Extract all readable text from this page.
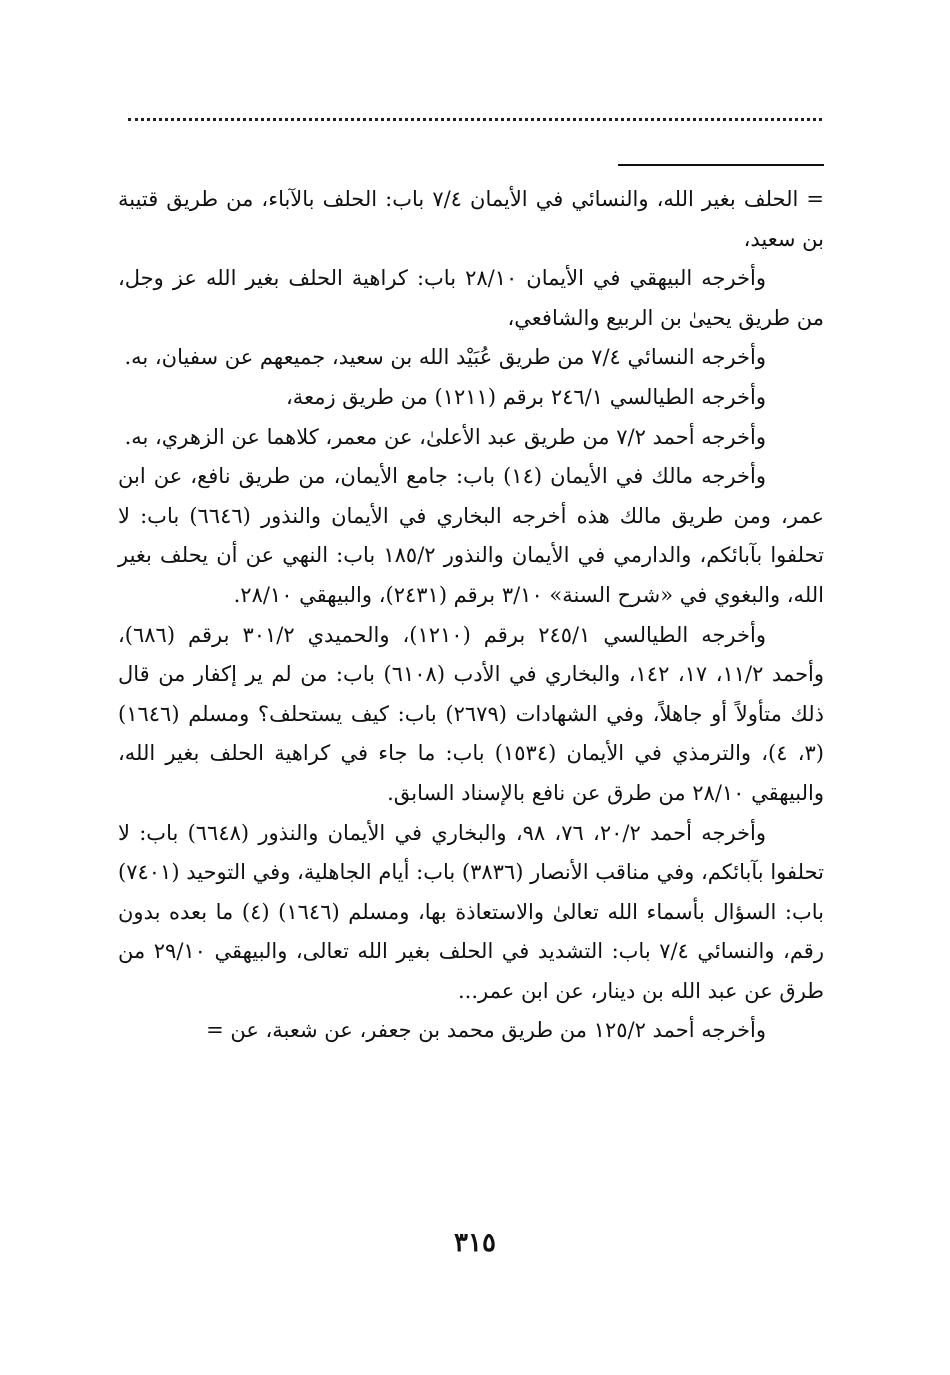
= الحلف بغير الله، والنسائي في الأيمان ٧/٤ باب: الحلف بالآباء، من طريق قتيبة بن سعيد،

وأخرجه البيهقي في الأيمان ٢٨/١٠ باب: كراهية الحلف بغير الله عز وجل، من طريق يحيىٰ بن الربيع والشافعي،

وأخرجه النسائي ٧/٤ من طريق عُبَيْد الله بن سعيد، جميعهم عن سفيان، به.

وأخرجه الطيالسي ٢٤٦/١ برقم (١٢١١) من طريق زمعة،

وأخرجه أحمد ٧/٢ من طريق عبد الأعلىٰ، عن معمر، كلاهما عن الزهري، به.

وأخرجه مالك في الأيمان (١٤) باب: جامع الأيمان، من طريق نافع، عن ابن عمر، ومن طريق مالك هذه أخرجه البخاري في الأيمان والنذور (٦٦٤٦) باب: لا تحلفوا بآبائكم، والدارمي في الأيمان والنذور ١٨٥/٢ باب: النهي عن أن يحلف بغير الله، والبغوي في «شرح السنة» ٣/١٠ برقم (٢٤٣١)، والبيهقي ٢٨/١٠.

وأخرجه الطيالسي ٢٤٥/١ برقم (١٢١٠)، والحميدي ٣٠١/٢ برقم (٦٨٦)، وأحمد ١١/٢، ١٧، ١٤٢، والبخاري في الأدب (٦١٠٨) باب: من لم ير إكفار من قال ذلك متأولاً أو جاهلاً، وفي الشهادات (٢٦٧٩) باب: كيف يستحلف؟ ومسلم (١٦٤٦) (٣، ٤)، والترمذي في الأيمان (١٥٣٤) باب: ما جاء في كراهية الحلف بغير الله، والبيهقي ٢٨/١٠ من طرق عن نافع بالإسناد السابق.

وأخرجه أحمد ٢٠/٢، ٧٦، ٩٨، والبخاري في الأيمان والنذور (٦٦٤٨) باب: لا تحلفوا بآبائكم، وفي مناقب الأنصار (٣٨٣٦) باب: أيام الجاهلية، وفي التوحيد (٧٤٠١) باب: السؤال بأسماء الله تعالىٰ والاستعاذة بها، ومسلم (١٦٤٦) (٤) ما بعده بدون رقم، والنسائي ٧/٤ باب: التشديد في الحلف بغير الله تعالى، والبيهقي ٢٩/١٠ من طرق عن عبد الله بن دينار، عن ابن عمر...

وأخرجه أحمد ١٢٥/٢ من طريق محمد بن جعفر، عن شعبة، عن =

٣١٥
